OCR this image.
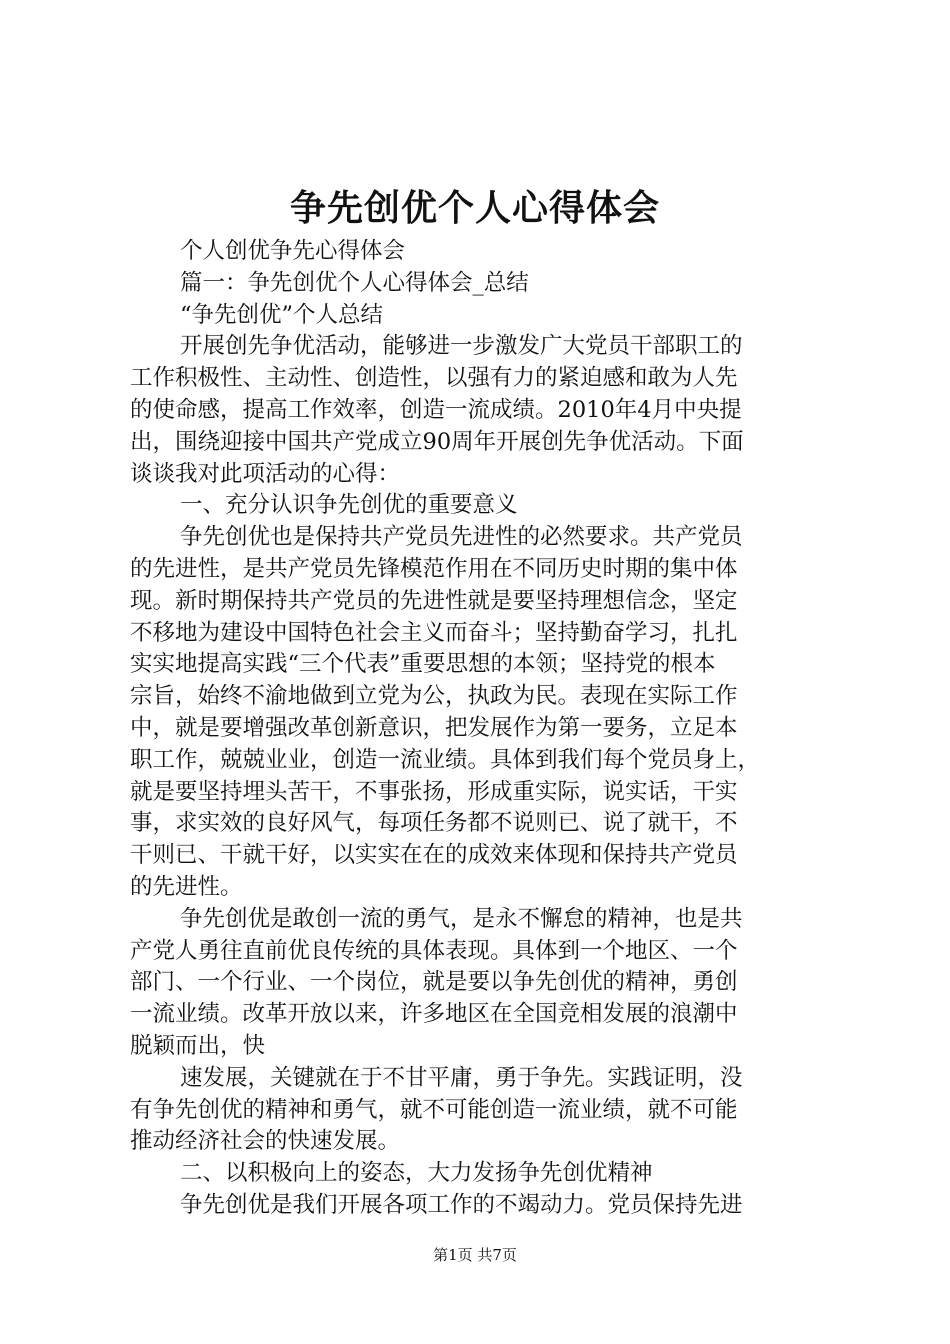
争先创优个人心得体会
个人创优争先心得体会
篇一：争先创优个人心得体会_总结
“争先创优”个人总结
开展创先争优活动，能够进一步激发广大党员干部职工的
工作积极性、主动性、创造性，以强有力的紧迫感和敢为人先
的使命感，提高工作效率，创造一流成绩。2010年4月中央提
出，围绕迎接中国共产党成立90周年开展创先争优活动。下面
谈谈我对此项活动的心得：
一、充分认识争先创优的重要意义
争先创优也是保持共产党员先进性的必然要求。共产党员
的先进性，是共产党员先锋模范作用在不同历史时期的集中体
现。新时期保持共产党员的先进性就是要坚持理想信念，坚定
不移地为建设中国特色社会主义而奋斗；坚持勤奋学习，扎扎
实实地提高实践“三个代表”重要思想的本领；坚持党的根本
宗旨，始终不渝地做到立党为公，执政为民。表现在实际工作
中，就是要增强改革创新意识，把发展作为第一要务，立足本
职工作，兢兢业业，创造一流业绩。具体到我们每个党员身上，
就是要坚持埋头苦干，不事张扬，形成重实际，说实话，干实
事，求实效的良好风气，每项任务都不说则已、说了就干，不
干则已、干就干好，以实实在在的成效来体现和保持共产党员
的先进性。
争先创优是敢创一流的勇气，是永不懈怠的精神，也是共
产党人勇往直前优良传统的具体表现。具体到一个地区、一个
部门、一个行业、一个岗位，就是要以争先创优的精神，勇创
一流业绩。改革开放以来，许多地区在全国竞相发展的浪潮中
脱颖而出，快
速发展，关键就在于不甘平庸，勇于争先。实践证明，没
有争先创优的精神和勇气，就不可能创造一流业绩，就不可能
推动经济社会的快速发展。
二、以积极向上的姿态，大力发扬争先创优精神
争先创优是我们开展各项工作的不竭动力。党员保持先进
第1页 共7页
